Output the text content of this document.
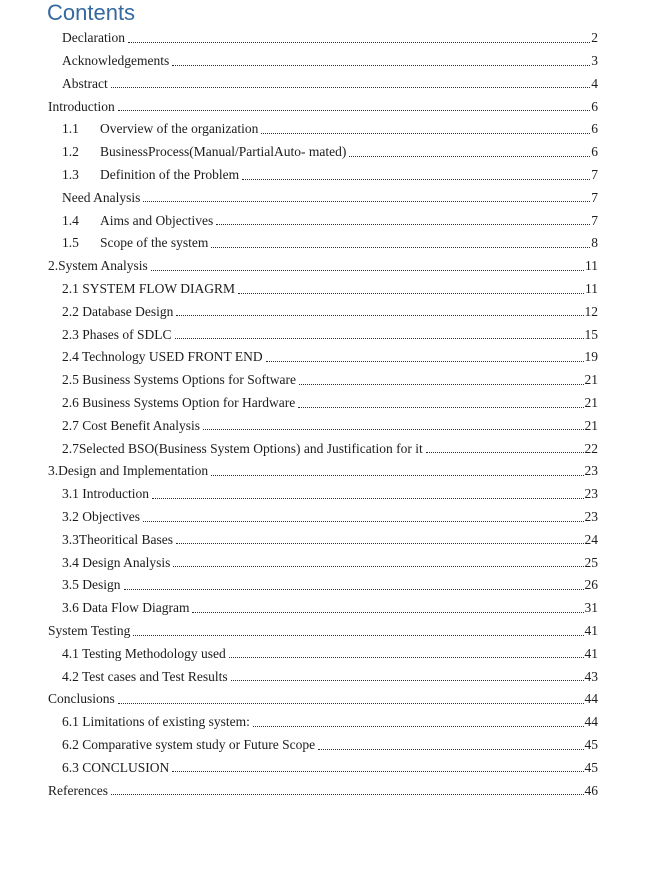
Contents
Declaration	2
Acknowledgements	3
Abstract	4
Introduction	6
1.1	Overview of the organization	6
1.2	BusinessProcess(Manual/PartialAuto- mated)	6
1.3	Definition of the Problem	7
Need Analysis	7
1.4	Aims and Objectives	7
1.5	Scope of the system	8
2.System Analysis	11
2.1 SYSTEM FLOW DIAGRM	11
2.2 Database Design	12
2.3 Phases of SDLC	15
2.4 Technology USED FRONT END	19
2.5 Business Systems Options for Software	21
2.6 Business Systems Option for Hardware	21
2.7 Cost Benefit Analysis	21
2.7Selected BSO(Business System Options) and Justification for it	22
3.Design and Implementation	23
3.1 Introduction	23
3.2 Objectives	23
3.3Theoritical Bases	24
3.4 Design Analysis	25
3.5 Design	26
3.6 Data Flow Diagram	31
System Testing	41
4.1 Testing Methodology used	41
4.2 Test cases and Test Results	43
Conclusions	44
6.1 Limitations of existing system:	44
6.2 Comparative system study or Future Scope	45
6.3 CONCLUSION	45
References	46
